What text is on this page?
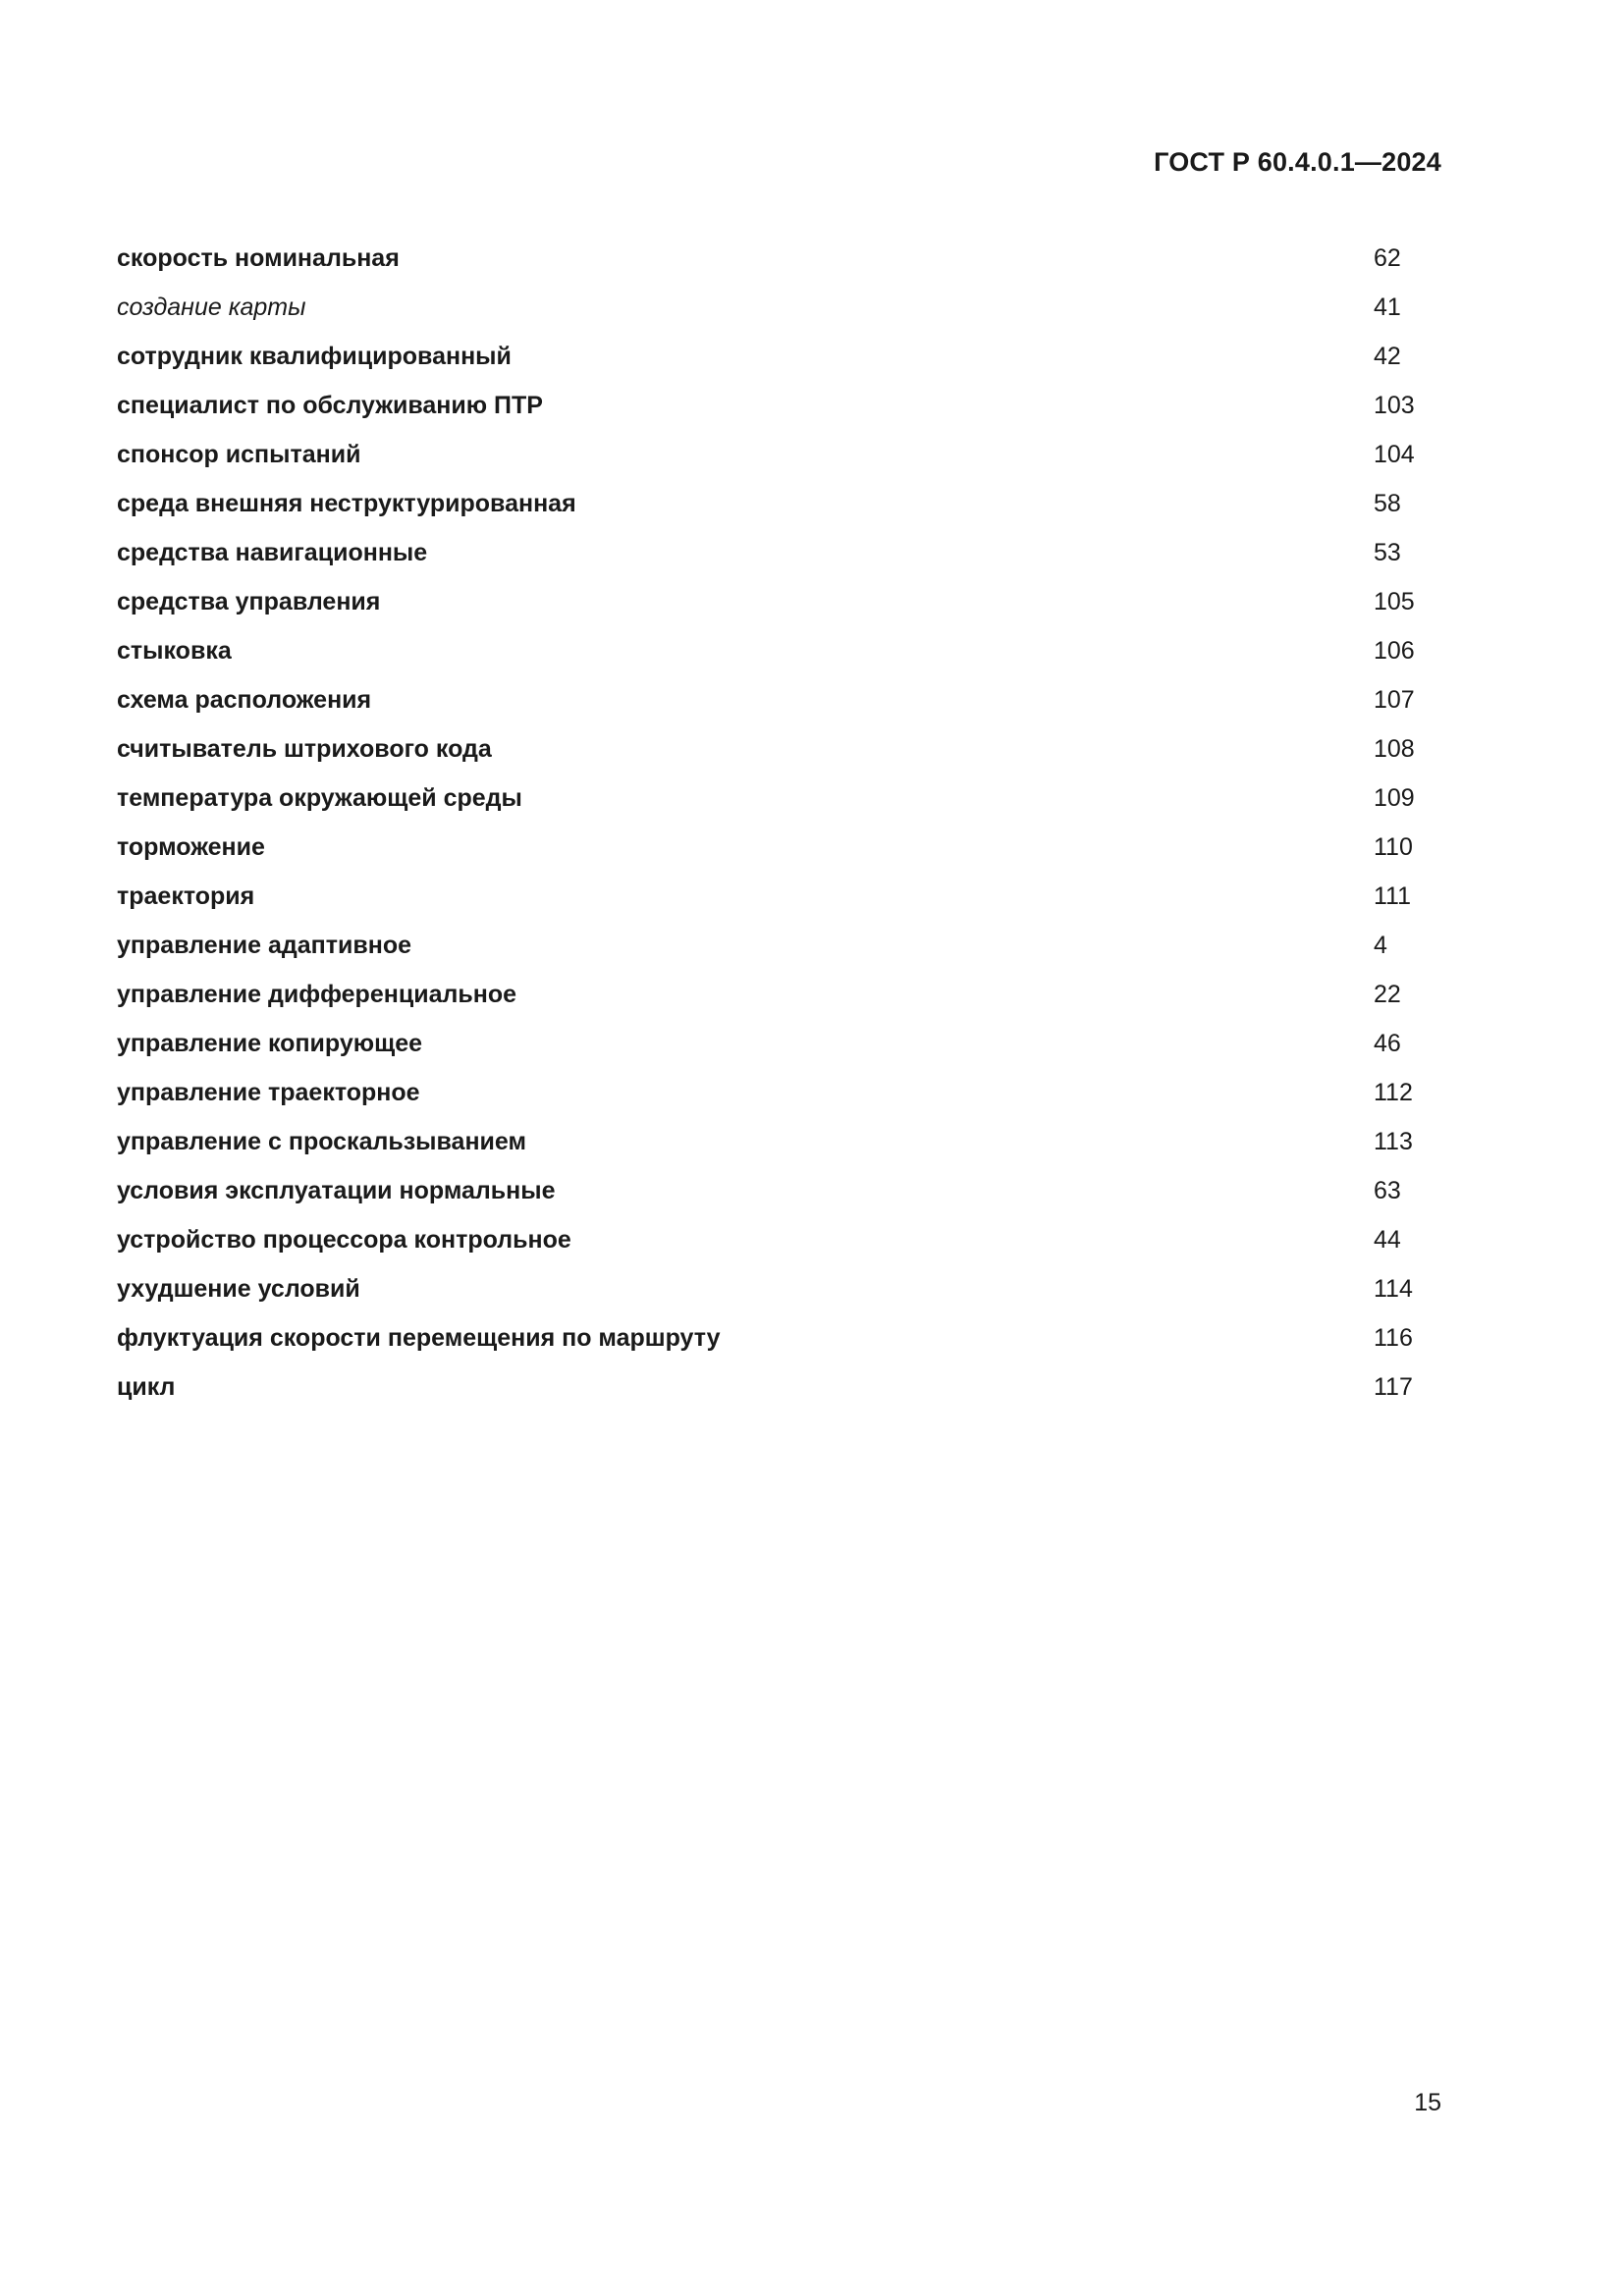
ГОСТ Р 60.4.0.1—2024
скорость номинальная	62
создание карты	41
сотрудник квалифицированный	42
специалист по обслуживанию ПТР	103
спонсор испытаний	104
среда внешняя неструктурированная	58
средства навигационные	53
средства управления	105
стыковка	106
схема расположения	107
считыватель штрихового кода	108
температура окружающей среды	109
торможение	110
траектория	111
управление адаптивное	4
управление дифференциальное	22
управление копирующее	46
управление траекторное	112
управление с проскальзыванием	113
условия эксплуатации нормальные	63
устройство процессора контрольное	44
ухудшение условий	114
флуктуация скорости перемещения по маршруту	116
цикл	117
15
